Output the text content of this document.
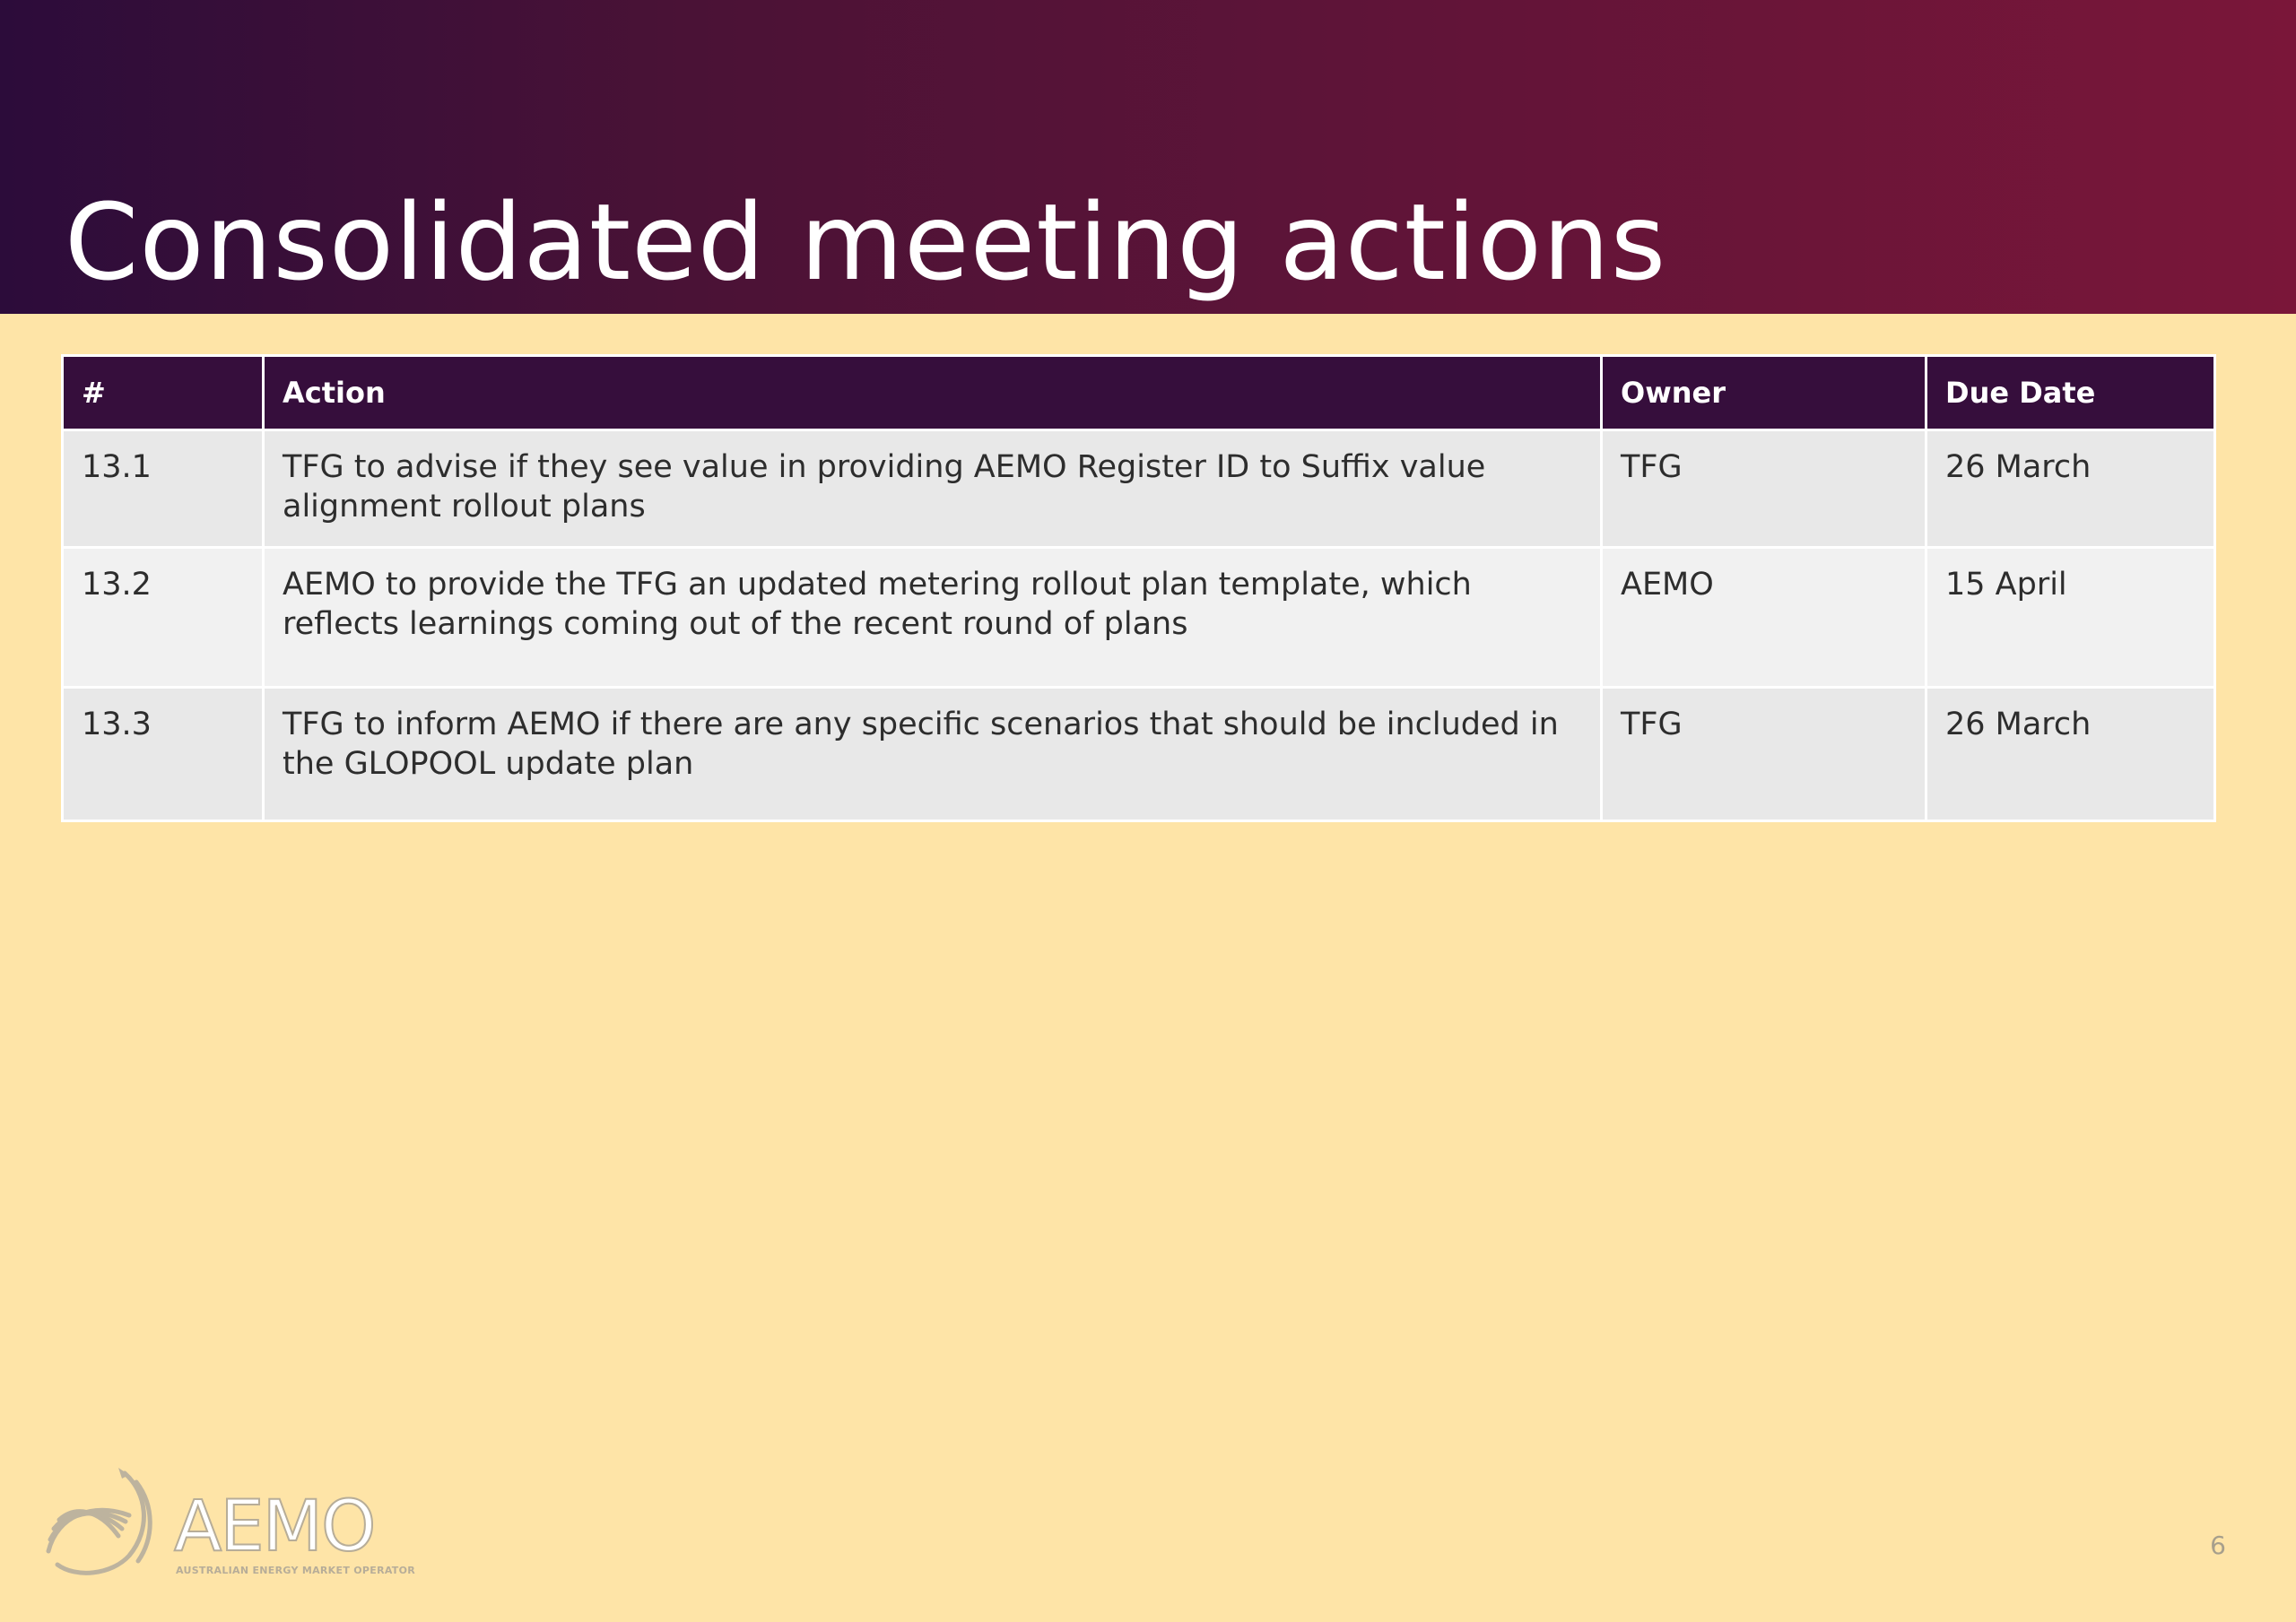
Consolidated meeting actions
#	Action	Owner	Due Date
13.1	TFG to advise if they see value in providing AEMO Register ID to Suffix value alignment rollout plans	TFG	26 March
13.2	AEMO to provide the TFG an updated metering rollout plan template, which reflects learnings coming out of the recent round of plans	AEMO	15 April
13.3	TFG to inform AEMO if there are any specific scenarios that should be included in the GLOPOOL update plan	TFG	26 March
AEMO
AUSTRALIAN ENERGY MARKET OPERATOR
6
